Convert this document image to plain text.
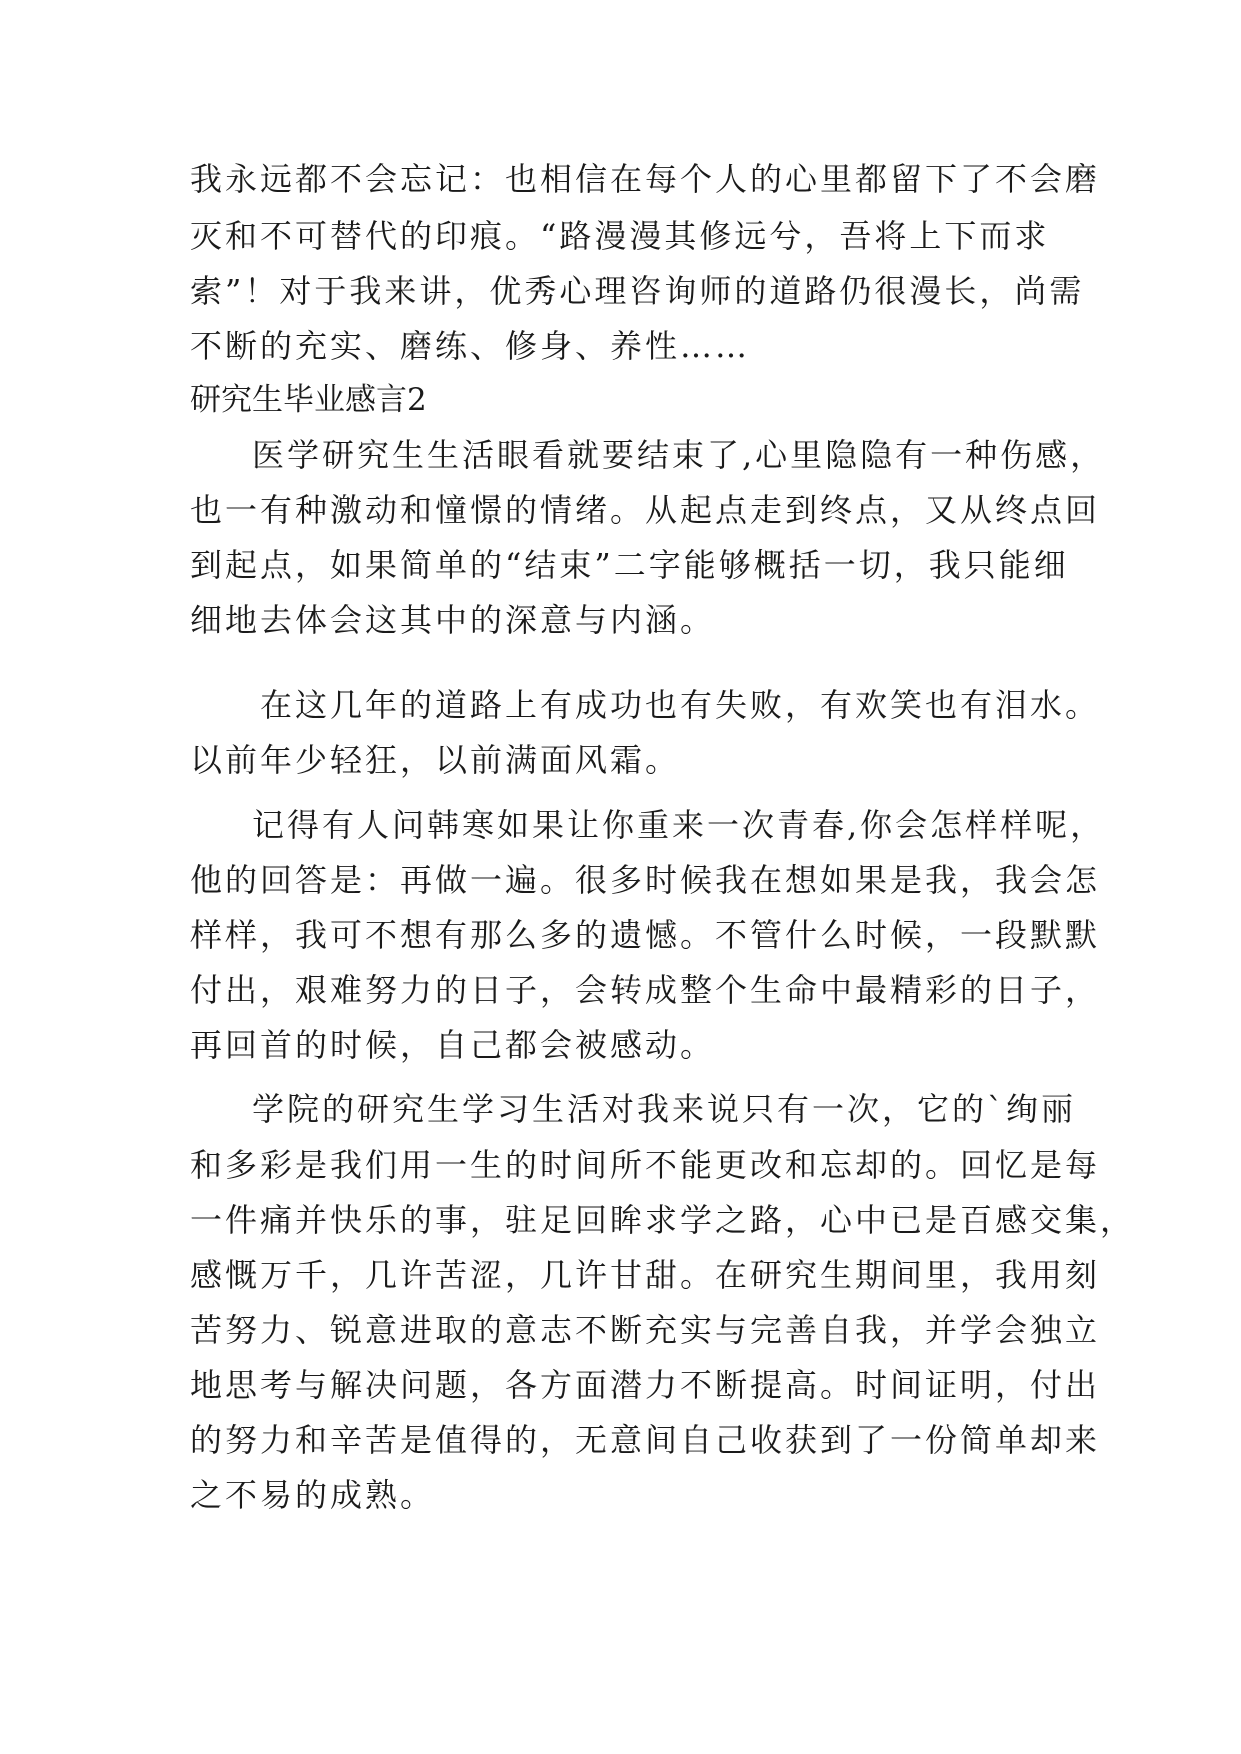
我永远都不会忘记：也相信在每个人的心里都留下了不会磨
灭和不可替代的印痕。“路漫漫其修远兮，吾将上下而求
索”！对于我来讲，优秀心理咨询师的道路仍很漫长，尚需
不断的充实、磨练、修身、养性……
研究生毕业感言2
医学研究生生活眼看就要结束了,心里隐隐有一种伤感，
也一有种激动和憧憬的情绪。从起点走到终点，又从终点回
到起点，如果简单的“结束”二字能够概括一切，我只能细
细地去体会这其中的深意与内涵。
在这几年的道路上有成功也有失败，有欢笑也有泪水。
以前年少轻狂，以前满面风霜。
记得有人问韩寒如果让你重来一次青春,你会怎样样呢，
他的回答是：再做一遍。很多时候我在想如果是我，我会怎
样样，我可不想有那么多的遗憾。不管什么时候，一段默默
付出，艰难努力的日子，会转成整个生命中最精彩的日子，
再回首的时候，自己都会被感动。
学院的研究生学习生活对我来说只有一次，它的`绚丽
和多彩是我们用一生的时间所不能更改和忘却的。回忆是每
一件痛并快乐的事，驻足回眸求学之路，心中已是百感交集，
感慨万千，几许苦涩，几许甘甜。在研究生期间里，我用刻
苦努力、锐意进取的意志不断充实与完善自我，并学会独立
地思考与解决问题，各方面潜力不断提高。时间证明，付出
的努力和辛苦是值得的，无意间自己收获到了一份简单却来
之不易的成熟。
